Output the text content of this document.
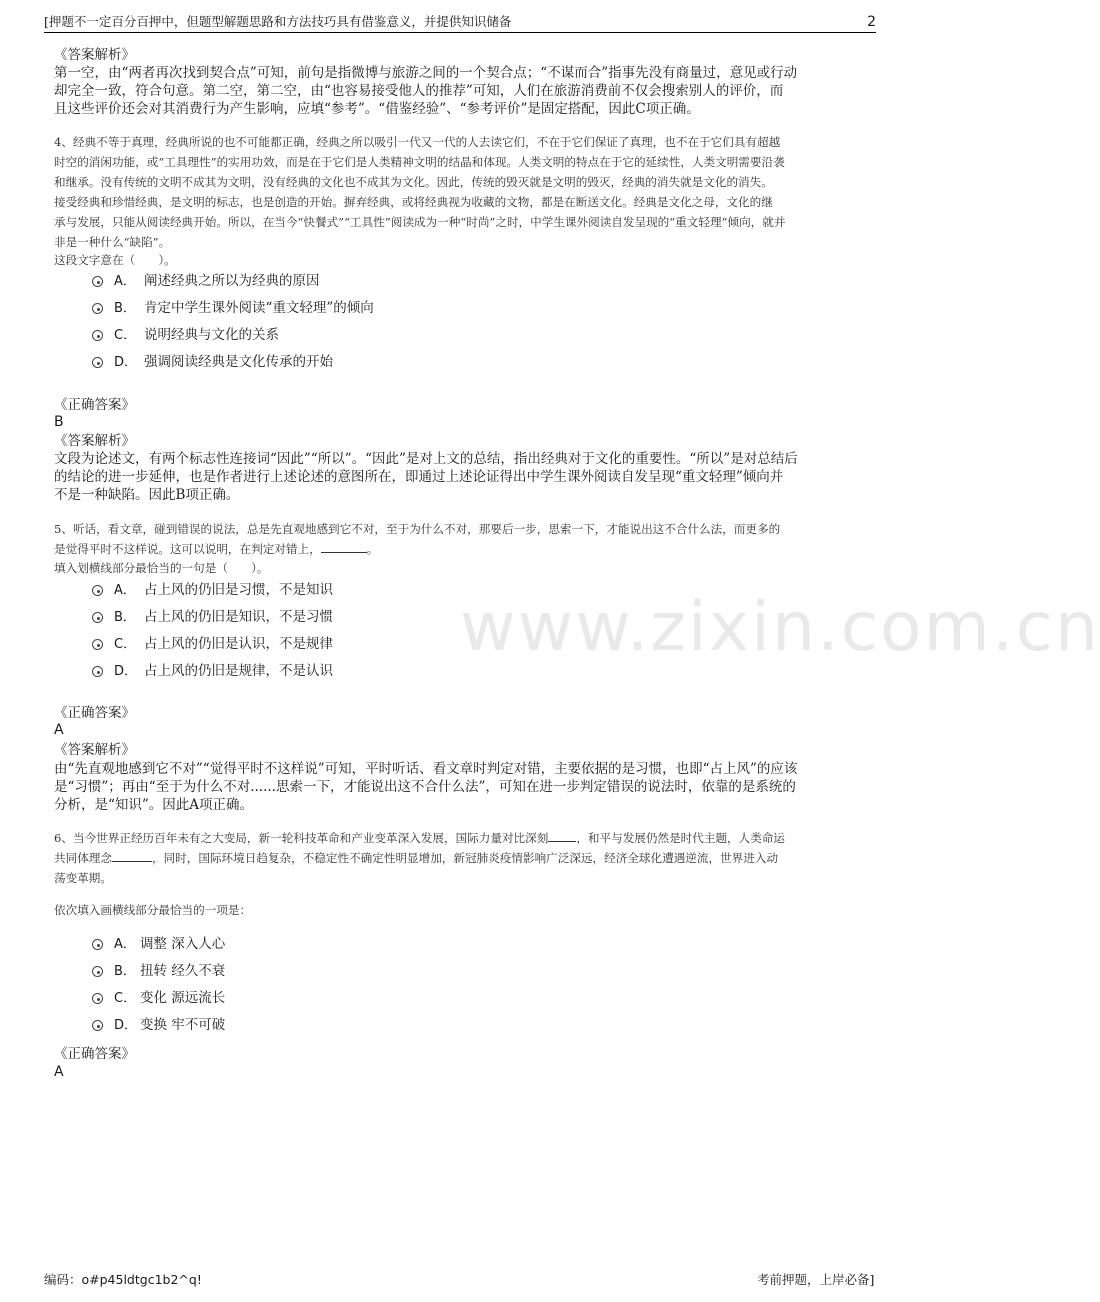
[押题不一定百分百押中，但题型解题思路和方法技巧具有借鉴意义，并提供知识储备	2
www.zixin.com.cn
《答案解析》
第一空，由“两者再次找到契合点”可知，前句是指微博与旅游之间的一个契合点；“不谋而合”指事先没有商量过，意见或行动
却完全一致，符合句意。第二空，第二空，由“也容易接受他人的推荐”可知，人们在旅游消费前不仅会搜索别人的评价，而
且这些评价还会对其消费行为产生影响，应填“参考”。“借鉴经验”、“参考评价”是固定搭配，因此C项正确。
4、经典不等于真理，经典所说的也不可能都正确，经典之所以吸引一代又一代的人去读它们，不在于它们保证了真理，也不在于它们具有超越
时空的消闲功能，或“工具理性”的实用功效，而是在于它们是人类精神文明的结晶和体现。人类文明的特点在于它的延续性，人类文明需要沿袭
和继承。没有传统的文明不成其为文明，没有经典的文化也不成其为文化。因此，传统的毁灭就是文明的毁灭，经典的消失就是文化的消失。
接受经典和珍惜经典，是文明的标志，也是创造的开始。摒弃经典，或将经典视为收藏的文物，都是在断送文化。经典是文化之母，文化的继
承与发展，只能从阅读经典开始。所以，在当今“快餐式”“工具性”阅读成为一种“时尚”之时，中学生课外阅读自发呈现的“重文轻理”倾向，就并
非是一种什么“缺陷”。
这段文字意在（　　）。
A． 阐述经典之所以为经典的原因
B． 肯定中学生课外阅读“重文轻理”的倾向
C． 说明经典与文化的关系
D． 强调阅读经典是文化传承的开始
《正确答案》
B
《答案解析》
文段为论述文，有两个标志性连接词“因此”“所以”。“因此”是对上文的总结，指出经典对于文化的重要性。“所以”是对总结后
的结论的进一步延伸，也是作者进行上述论述的意图所在，即通过上述论证得出中学生课外阅读自发呈现“重文轻理”倾向并
不是一种缺陷。因此B项正确。
5、听话，看文章，碰到错误的说法，总是先直观地感到它不对，至于为什么不对，那要后一步，思索一下，才能说出这不合什么法，而更多的
是觉得平时不这样说。这可以说明，在判定对错上，	。
填入划横线部分最恰当的一句是（　　）。
A． 占上风的仍旧是习惯，不是知识
B． 占上风的仍旧是知识，不是习惯
C． 占上风的仍旧是认识，不是规律
D． 占上风的仍旧是规律，不是认识
《正确答案》
A
《答案解析》
由“先直观地感到它不对”“觉得平时不这样说”可知，平时听话、看文章时判定对错，主要依据的是习惯，也即“占上风”的应该
是“习惯”；再由“至于为什么不对......思索一下，才能说出这不合什么法”，可知在进一步判定错误的说法时，依靠的是系统的
分析，是“知识”。因此A项正确。
6、当今世界正经历百年未有之大变局，新一轮科技革命和产业变革深入发展，国际力量对比深刻 ，和平与发展仍然是时代主题，人类命运
共同体理念	，同时，国际环境日趋复杂，不稳定性不确定性明显增加，新冠肺炎疫情影响广泛深远，经济全球化遭遇逆流，世界进入动
荡变革期。
依次填入画横线部分最恰当的一项是：
A． 调整 深入人心
B． 扭转 经久不衰
C． 变化 源远流长
D． 变换 牢不可破
《正确答案》
A
编码：o#p45ldtgc1b2^q!	考前押题，上岸必备]
